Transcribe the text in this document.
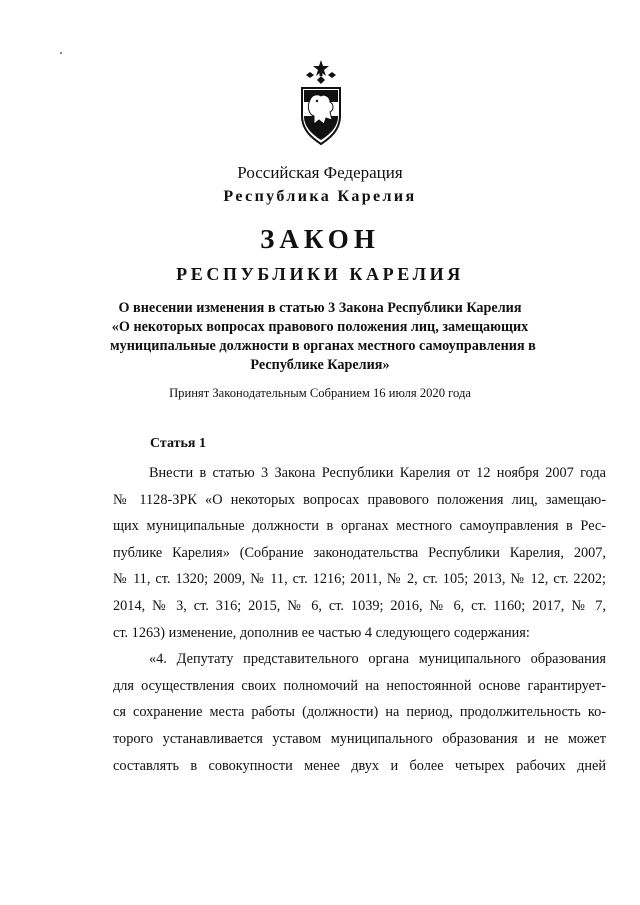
Российская Федерация
Республика Карелия
ЗАКОН
РЕСПУБЛИКИ КАРЕЛИЯ
О внесении изменения в статью 3 Закона Республики Карелия
«О некоторых вопросах правового положения лиц, замещающих
муниципальные должности в органах местного самоуправления в
Республике Карелия»
Принят Законодательным Собранием 16 июля 2020 года
Статья 1
Внести в статью 3 Закона Республики Карелия от 12 ноября 2007 года
№ 1128-ЗРК «О некоторых вопросах правового положения лиц, замещаю-
щих муниципальные должности в органах местного самоуправления в Рес-
публике Карелия» (Собрание законодательства Республики Карелия, 2007,
№ 11, ст. 1320; 2009, № 11, ст. 1216; 2011, № 2, ст. 105; 2013, № 12, ст. 2202;
2014, № 3, ст. 316; 2015, № 6, ст. 1039; 2016, № 6, ст. 1160; 2017, № 7,
ст. 1263) изменение, дополнив ее частью 4 следующего содержания:
«4. Депутату представительного органа муниципального образования
для осуществления своих полномочий на непостоянной основе гарантирует-
ся сохранение места работы (должности) на период, продолжительность ко-
торого устанавливается уставом муниципального образования и не может
составлять в совокупности менее двух и более четырех рабочих дней
